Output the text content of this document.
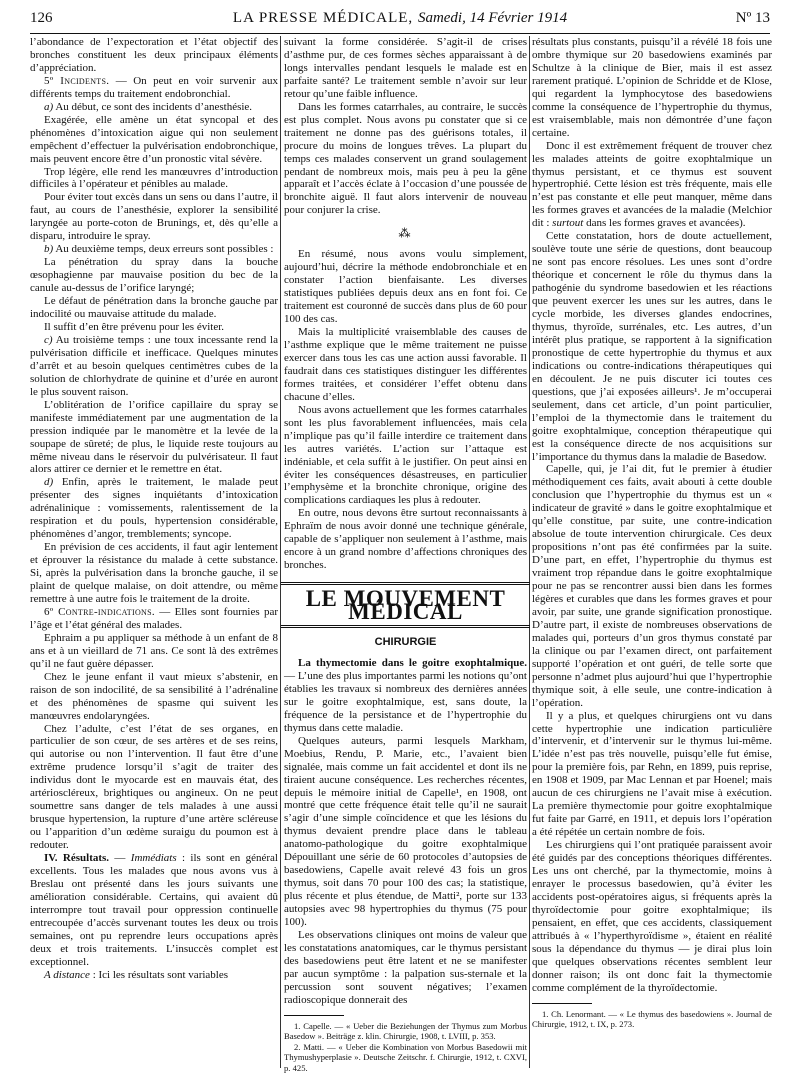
126	LA PRESSE MÉDICALE, Samedi, 14 Février 1914	Nº 13

l’abondance de l’expectoration et l’état objectif des bronches constituent les deux principaux éléments d’appréciation.

5º Incidents. — On peut en voir survenir aux différents temps du traitement endobronchial.

a) Au début, ce sont des incidents d’anesthésie.

Exagérée, elle amène un état syncopal et des phénomènes d’intoxication aigue qui non seulement empêchent d’effectuer la pulvérisation endobronchique, mais peuvent encore être d’un pronostic vital sévère.

Trop légère, elle rend les manœuvres d’introduction difficiles à l’opérateur et pénibles au malade.

Pour éviter tout excès dans un sens ou dans l’autre, il faut, au cours de l’anesthésie, explorer la sensibilité laryngée au porte-coton de Brunings, et, dès qu’elle a disparu, introduire le spray.

b) Au deuxième temps, deux erreurs sont possibles :

La pénétration du spray dans la bouche œsophagienne par mauvaise position du bec de la canule au-dessus de l’orifice laryngé;

Le défaut de pénétration dans la bronche gauche par indocilité ou mauvaise attitude du malade.

Il suffit d’en être prévenu pour les éviter.

c) Au troisième temps : une toux incessante rend la pulvérisation difficile et inefficace. Quelques minutes d’arrêt et au besoin quelques centimètres cubes de la solution de chlorhydrate de quinine et d’urée en auront le plus souvent raison.

L’oblitération de l’orifice capillaire du spray se manifeste immédiatement par une augmentation de la pression indiquée par le manomètre et la levée de la soupape de sûreté; de plus, le liquide reste toujours au même niveau dans le réservoir du pulvérisateur. Il faut alors attirer ce dernier et le remettre en état.

d) Enfin, après le traitement, le malade peut présenter des signes inquiétants d’intoxication adrénalinique : vomissements, ralentissement de la respiration et du pouls, hypertension considérable, phénomènes d’angor, tremblements; syncope.

En prévision de ces accidents, il faut agir lentement et éprouver la résistance du malade à cette substance. Si, après la pulvérisation dans la bronche gauche, il se plaint de quelque malaise, on doit attendre, ou même remettre à une autre fois le traitement de la droite.

6º Contre-indications. — Elles sont fournies par l’âge et l’état général des malades.

Ephraim a pu appliquer sa méthode à un enfant de 8 ans et à un vieillard de 71 ans. Ce sont là des extrêmes qu’il ne faut guère dépasser.

Chez le jeune enfant il vaut mieux s’abstenir, en raison de son indocilité, de sa sensibilité à l’adrénaline et des phénomènes de spasme qui suivent les manœuvres endolaryngées.

Chez l’adulte, c’est l’état de ses organes, en particulier de son cœur, de ses artères et de ses reins, qui autorise ou non l’intervention. Il faut être d’une extrême prudence lorsqu’il s’agit de traiter des individus dont le myocarde est en mauvais état, des artérioscléreux, brightiques ou angineux. On ne peut soumettre sans danger de tels malades à une aussi brusque hypertension, la rupture d’une artère scléreuse ou l’apparition d’un œdème suraigu du poumon est à redouter.

IV. Résultats. — Immédiats : ils sont en général excellents. Tous les malades que nous avons vus à Breslau ont présenté dans les jours suivants une amélioration considérable. Certains, qui avaient dû interrompre tout travail pour oppression continuelle entrecoupée d’accès survenant toutes les deux ou trois semaines, ont pu reprendre leurs occupations après deux et trois traitements. L’insuccès complet est exceptionnel.

A distance : Ici les résultats sont variables

suivant la forme considérée. S’agit-il de crises d’asthme pur, de ces formes sèches apparaissant à de longs intervalles pendant lesquels le malade est en parfaite santé? Le traitement semble n’avoir sur leur retour qu’une faible influence.

Dans les formes catarrhales, au contraire, le succès est plus complet. Nous avons pu constater que si ce traitement ne donne pas des guérisons totales, il procure du moins de longues trêves. La plupart du temps ces malades conservent un grand soulagement pendant de nombreux mois, mais peu à peu la gêne apparaît et l’accès éclate à l’occasion d’une poussée de bronchite aiguë. Il faut alors intervenir de nouveau pour conjurer la crise.

⁂

En résumé, nous avons voulu simplement, aujourd’hui, décrire la méthode endobronchiale et en constater l’action bienfaisante. Les diverses statistiques publiées depuis deux ans en font foi. Ce traitement est couronné de succès dans plus de 60 pour 100 des cas.

Mais la multiplicité vraisemblable des causes de l’asthme explique que le même traitement ne puisse exercer dans tous les cas une action aussi favorable. Il faudrait dans ces statistiques distinguer les différentes formes traitées, et considérer l’effet obtenu dans chacune d’elles.

Nous avons actuellement que les formes catarrhales sont les plus favorablement influencées, mais cela n’implique pas qu’il faille interdire ce traitement dans les autres variétés. L’action sur l’attaque est indéniable, et cela suffit à le justifier. On peut ainsi en éviter les conséquences désastreuses, en particulier l’emphysème et la bronchite chronique, origine des complications cardiaques les plus à redouter.

En outre, nous devons être surtout reconnaissants à Ephraïm de nous avoir donné une technique générale, capable de s’appliquer non seulement à l’asthme, mais encore à un grand nombre d’affections chroniques des bronches.

LE MOUVEMENT MÉDICAL
CHIRURGIE

La thymectomie dans le goitre exophtalmique. — L’une des plus importantes parmi les notions qu’ont établies les travaux si nombreux des dernières années sur le goitre exophtalmique, est, sans doute, la fréquence de la persistance et de l’hypertrophie du thymus dans cette maladie.

Quelques auteurs, parmi lesquels Markham, Moebius, Rendu, P. Marie, etc., l’avaient bien signalée, mais comme un fait accidentel et dont ils ne tiraient aucune conséquence. Les recherches récentes, depuis le mémoire initial de Capelle¹, en 1908, ont montré que cette fréquence était telle qu’il ne saurait s’agir d’une simple coïncidence et que les lésions du thymus devaient prendre place dans le tableau anatomo-pathologique du goitre exophtalmique Dépouillant une série de 60 protocoles d’autopsies de basedowiens, Capelle avait relevé 43 fois un gros thymus, soit dans 70 pour 100 des cas; la statistique, plus récente et plus étendue, de Matti², porte sur 133 autopsies avec 98 hypertrophies du thymus (75 pour 100).

Les observations cliniques ont moins de valeur que les constatations anatomiques, car le thymus persistant des basedowiens peut être latent et ne se manifester par aucun symptôme : la palpation sus-sternale et la percussion sont souvent négatives; l’examen radioscopique donnerait des

1. Capelle. — « Ueber die Beziehungen der Thymus zum Morbus Basedow ». Beiträge z. klin. Chirurgie, 1908, t. LVIII, p. 353.

2. Matti. — « Ueber die Kombination von Morbus Basedowii mit Thymushyperplasie ». Deutsche Zeitschr. f. Chirurgie, 1912, t. CXVI, p. 425.

résultats plus constants, puisqu’il a révélé 18 fois une ombre thymique sur 20 basedowiens examinés par Schultze à la clinique de Bier, mais il est assez rarement pratiqué. L’opinion de Schridde et de Klose, qui regardent la lymphocytose des basedowiens comme la conséquence de l’hypertrophie du thymus, est vraisemblable, mais non démontrée d’une façon certaine.

Donc il est extrêmement fréquent de trouver chez les malades atteints de goitre exophtalmique un thymus persistant, et ce thymus est souvent hypertrophié. Cette lésion est très fréquente, mais elle n’est pas constante et elle peut manquer, même dans les formes graves et avancées de la maladie (Melchior dit : surtout dans les formes graves et avancées).

Cette constatation, hors de doute actuellement, soulève toute une série de questions, dont beaucoup ne sont pas encore résolues. Les unes sont d’ordre théorique et concernent le rôle du thymus dans la pathogénie du syndrome basedowien et les réactions que peuvent exercer les unes sur les autres, dans le cycle morbide, les diverses glandes endocrines, thymus, thyroïde, surrénales, etc. Les autres, d’un intérêt plus pratique, se rapportent à la signification pronostique de cette hypertrophie du thymus et aux indications ou contre-indications thérapeutiques qui en découlent. Je ne puis discuter ici toutes ces questions, que j’ai exposées ailleurs¹. Je m’occuperai seulement, dans cet article, d’un point particulier, l’emploi de la thymectomie dans le traitement du goitre exophtalmique, conception thérapeutique qui est la conséquence directe de nos acquisitions sur l’importance du thymus dans la maladie de Basedow.

Capelle, qui, je l’ai dit, fut le premier à étudier méthodiquement ces faits, avait abouti à cette double conclusion que l’hypertrophie du thymus est un « indicateur de gravité » dans le goitre exophtalmique et qu’elle constitue, par suite, une contre-indication absolue de toute intervention chirurgicale. Ces deux propositions n’ont pas été confirmées par la suite. D’une part, en effet, l’hypertrophie du thymus est vraiment trop répandue dans le goitre exophtalmique pour ne pas se rencontrer aussi bien dans les formes légères et curables que dans les formes graves et pour avoir, par suite, une grande signification pronostique. D’autre part, il existe de nombreuses observations de malades qui, porteurs d’un gros thymus constaté par la clinique ou par l’examen direct, ont parfaitement supporté l’opération et ont guéri, de telle sorte que personne n’admet plus aujourd’hui que l’hypertrophie thymique soit, à elle seule, une contre-indication à l’opération.

Il y a plus, et quelques chirurgiens ont vu dans cette hypertrophie une indication particulière d’intervenir, et d’intervenir sur le thymus lui-même. L’idée n’est pas très nouvelle, puisqu’elle fut émise, pour la première fois, par Rehn, en 1899, puis reprise, en 1908 et 1909, par Mac Lennan et par Hoenel; mais aucun de ces chirurgiens ne l’avait mise à exécution. La première thymectomie pour goitre exophtalmique fut faite par Garré, en 1911, et depuis lors l’opération a été répétée un certain nombre de fois.

Les chirurgiens qui l’ont pratiquée paraissent avoir été guidés par des conceptions théoriques différentes. Les uns ont cherché, par la thymectomie, moins à enrayer le processus basedowien, qu’à éviter les accidents post-opératoires aigus, si fréquents après la thyroïdectomie pour goitre exophtalmique; ils pensaient, en effet, que ces accidents, classiquement attribués à « l’hyperthyroïdisme », étaient en réalité sous la dépendance du thymus — je dirai plus loin que quelques observations récentes semblent leur donner raison; ils ont donc fait la thymectomie comme complément de la thyroïdectomie.

1. Ch. Lenormant. — « Le thymus des basedowiens ». Journal de Chirurgie, 1912, t. IX, p. 273.
